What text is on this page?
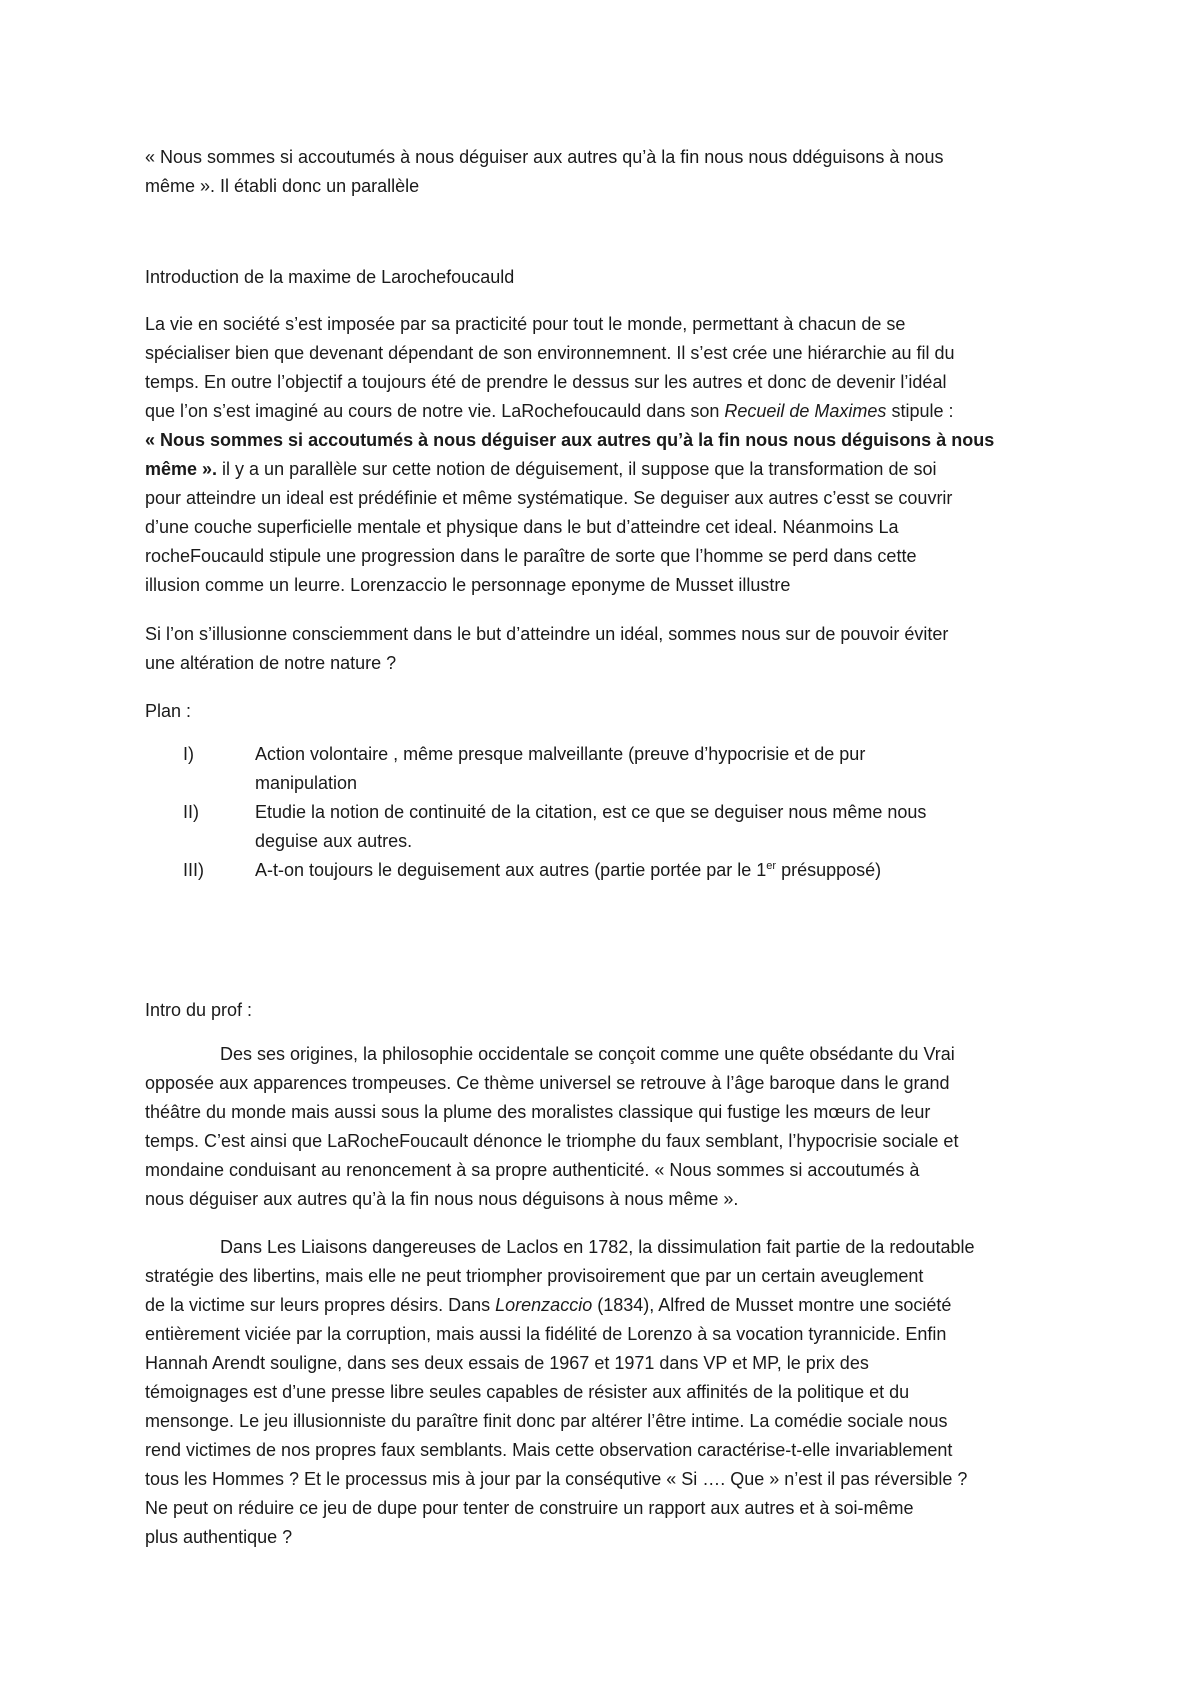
« Nous sommes si accoutumés à nous déguiser aux autres qu’à la fin nous nous ddéguisons à nous
même ». Il établi donc un parallèle
Introduction de la maxime de Larochefoucauld
La vie en société s’est imposée par sa practicité pour tout le monde, permettant à chacun de se
spécialiser bien que devenant dépendant de son environnemnent. Il s’est crée une hiérarchie au fil du
temps. En outre l’objectif a toujours été de prendre le dessus sur les autres et donc de devenir l’idéal
que l’on s’est imaginé au cours de notre vie. LaRochefoucauld dans son Recueil de Maximes stipule :
« Nous sommes si accoutumés à nous déguiser aux autres qu’à la fin nous nous déguisons à nous
même ». il y a un parallèle sur cette notion de déguisement, il suppose que la transformation de soi
pour atteindre un ideal est prédéfinie et même systématique. Se deguiser aux autres c’esst se couvrir
d’une couche superficielle mentale et physique dans le but d’atteindre cet ideal. Néanmoins La
rocheFoucauld stipule une progression dans le paraître de sorte que l’homme se perd dans cette
illusion comme un leurre. Lorenzaccio le personnage eponyme de Musset illustre
Si l’on s’illusionne consciemment dans le but d’atteindre un idéal, sommes nous sur de pouvoir éviter
une altération de notre nature ?
Plan :
I)	Action volontaire , même presque malveillante (preuve d’hypocrisie et de pur
manipulation
II)	Etudie la notion de continuité de la citation, est ce que se deguiser nous même nous
deguise aux autres.
III)	A-t-on toujours le deguisement aux autres (partie portée par le 1er présupposé)
Intro du prof :
Des ses origines, la philosophie occidentale se conçoit comme une quête obsédante du Vrai
opposée aux apparences trompeuses. Ce thème universel se retrouve à l’âge baroque dans le grand
théâtre du monde mais aussi sous la plume des moralistes classique qui fustige les mœurs de leur
temps. C’est ainsi que LaRocheFoucault dénonce le triomphe du faux semblant, l’hypocrisie sociale et
mondaine conduisant au renoncement à sa propre authenticité. « Nous sommes si accoutumés à
nous déguiser aux autres qu’à la fin nous nous déguisons à nous même ».
Dans Les Liaisons dangereuses de Laclos en 1782, la dissimulation fait partie de la redoutable
stratégie des libertins, mais elle ne peut triompher provisoirement que par un certain aveuglement
de la victime sur leurs propres désirs. Dans Lorenzaccio (1834), Alfred de Musset montre une société
entièrement viciée par la corruption, mais aussi la fidélité de Lorenzo à sa vocation tyrannicide. Enfin
Hannah Arendt souligne, dans ses deux essais de 1967 et 1971 dans VP et MP, le prix des
témoignages est d’une presse libre seules capables de résister aux affinités de la politique et du
mensonge. Le jeu illusionniste du paraître finit donc par altérer l’être intime. La comédie sociale nous
rend victimes de nos propres faux semblants. Mais cette observation caractérise-t-elle invariablement
tous les Hommes ? Et le processus mis à jour par la conséqutive « Si …. Que » n’est il pas réversible ?
Ne peut on réduire ce jeu de dupe pour tenter de construire un rapport aux autres et à soi-même
plus authentique ?
